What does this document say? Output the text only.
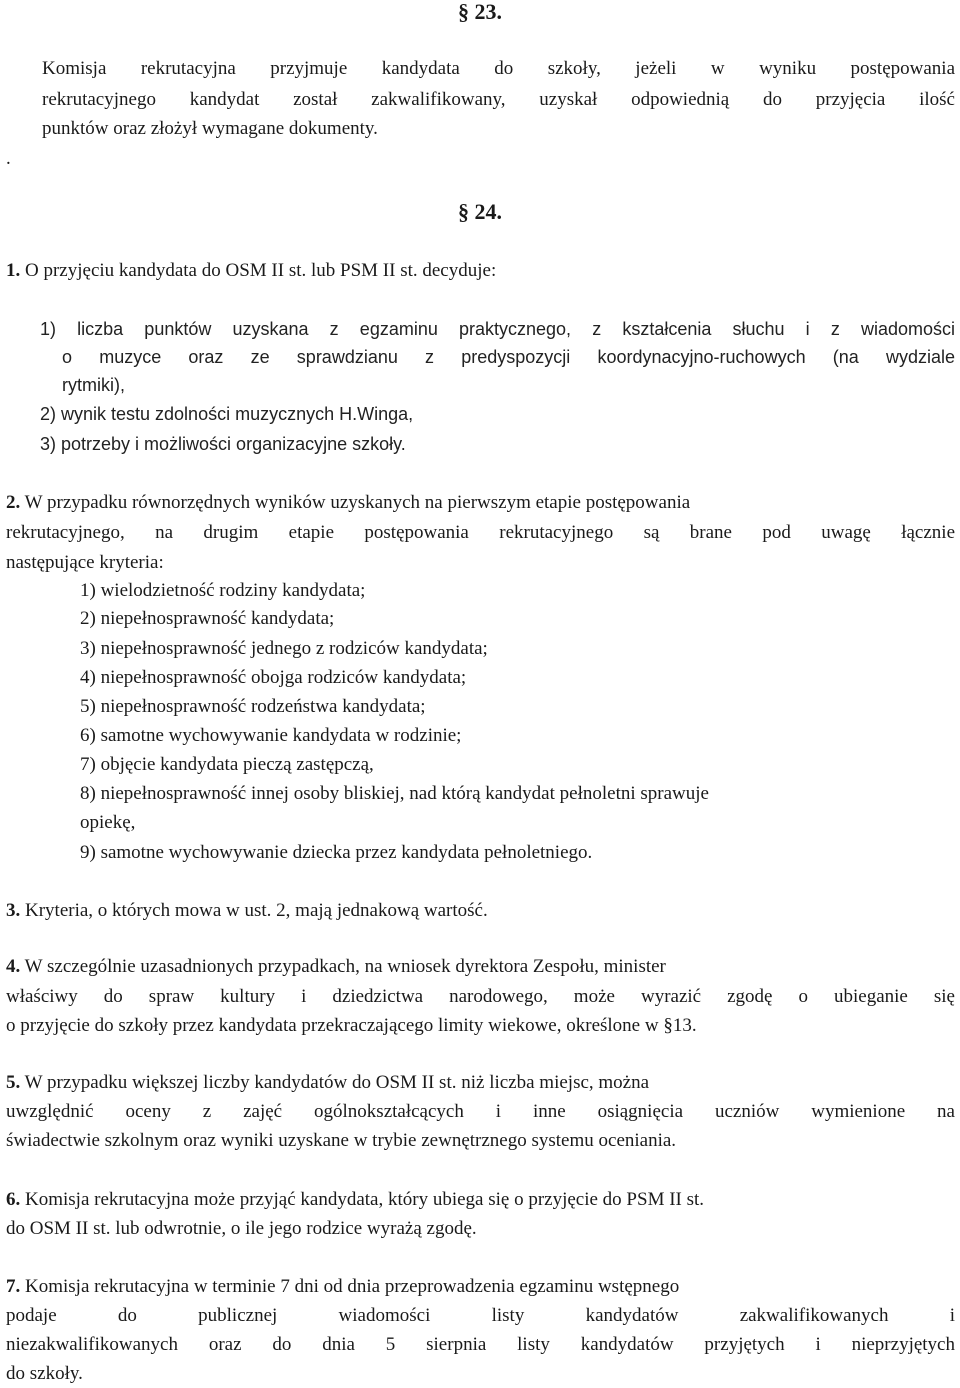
§ 23.
Komisja rekrutacyjna przyjmuje kandydata do szkoły, jeżeli w wyniku postępowania
rekrutacyjnego kandydat został zakwalifikowany, uzyskał odpowiednią do przyjęcia ilość
punktów oraz złożył wymagane dokumenty.
.
§ 24.
1. O przyjęciu kandydata do OSM II st. lub PSM II st. decyduje:
1) liczba punktów uzyskana z egzaminu praktycznego, z kształcenia słuchu i z wiadomości
o muzyce oraz ze sprawdzianu z predyspozycji koordynacyjno-ruchowych (na wydziale
rytmiki),
2) wynik testu zdolności muzycznych H.Winga,
3) potrzeby i możliwości organizacyjne szkoły.
2. W przypadku równorzędnych wyników uzyskanych na pierwszym etapie postępowania
rekrutacyjnego, na drugim etapie postępowania rekrutacyjnego są brane pod uwagę łącznie
następujące kryteria:
1) wielodzietność rodziny kandydata;
2) niepełnosprawność kandydata;
3) niepełnosprawność jednego z rodziców kandydata;
4) niepełnosprawność obojga rodziców kandydata;
5) niepełnosprawność rodzeństwa kandydata;
6) samotne wychowywanie kandydata w rodzinie;
7) objęcie kandydata pieczą zastępczą,
8) niepełnosprawność innej osoby bliskiej, nad którą kandydat pełnoletni sprawuje
opiekę,
9) samotne wychowywanie dziecka przez kandydata pełnoletniego.
3. Kryteria, o których mowa w ust. 2, mają jednakową wartość.
4. W szczególnie uzasadnionych przypadkach, na wniosek dyrektora Zespołu, minister
właściwy do spraw kultury i dziedzictwa narodowego, może wyrazić zgodę o ubieganie się
o przyjęcie do szkoły przez kandydata przekraczającego limity wiekowe, określone w §13.
5. W przypadku większej liczby kandydatów do OSM II st. niż liczba miejsc, można
uwzględnić oceny z zajęć ogólnokształcących i inne osiągnięcia uczniów wymienione na
świadectwie szkolnym oraz wyniki uzyskane w trybie zewnętrznego systemu oceniania.
6. Komisja rekrutacyjna może przyjąć kandydata, który ubiega się o przyjęcie do PSM II st.
do OSM II st. lub odwrotnie, o ile jego rodzice wyrażą zgodę.
7. Komisja rekrutacyjna w terminie 7 dni od dnia przeprowadzenia egzaminu wstępnego
podaje do publicznej wiadomości listy kandydatów zakwalifikowanych i
niezakwalifikowanych oraz do dnia 5 sierpnia listy kandydatów przyjętych i nieprzyjętych
do szkoły.
